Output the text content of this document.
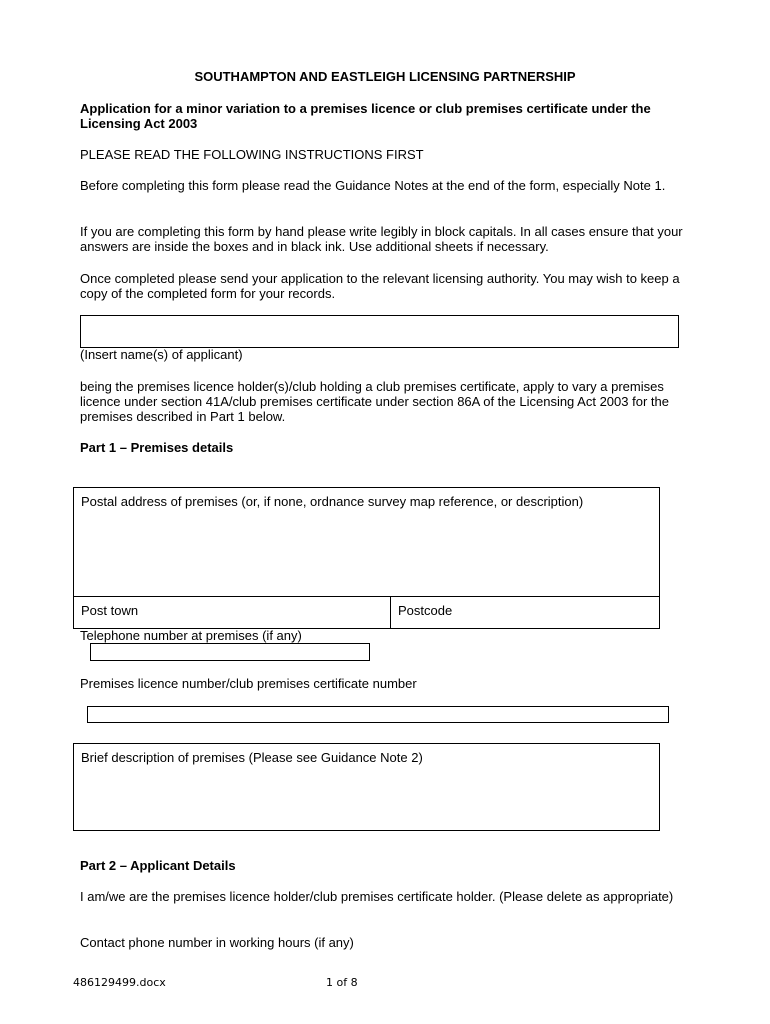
SOUTHAMPTON AND EASTLEIGH LICENSING PARTNERSHIP

Application for a minor variation to a premises licence or club premises certificate under the Licensing Act 2003

PLEASE READ THE FOLLOWING INSTRUCTIONS FIRST

Before completing this form please read the Guidance Notes at the end of the form, especially Note 1.

If you are completing this form by hand please write legibly in block capitals. In all cases ensure that your answers are inside the boxes and in black ink. Use additional sheets if necessary.

Once completed please send your application to the relevant licensing authority. You may wish to keep a copy of the completed form for your records.

(Insert name(s) of applicant)

being the premises licence holder(s)/club holding a club premises certificate, apply to vary a premises licence under section 41A/club premises certificate under section 86A of the Licensing Act 2003 for the premises described in Part 1 below.

Part 1 – Premises details

Postal address of premises (or, if none, ordnance survey map reference, or description)
Post town	Postcode

Telephone number at premises (if any)

Premises licence number/club premises certificate number

Brief description of premises (Please see Guidance Note 2)

Part 2 – Applicant Details

I am/we are the premises licence holder/club premises certificate holder. (Please delete as appropriate)

Contact phone number in working hours (if any)

486129499.docx	1 of 8
